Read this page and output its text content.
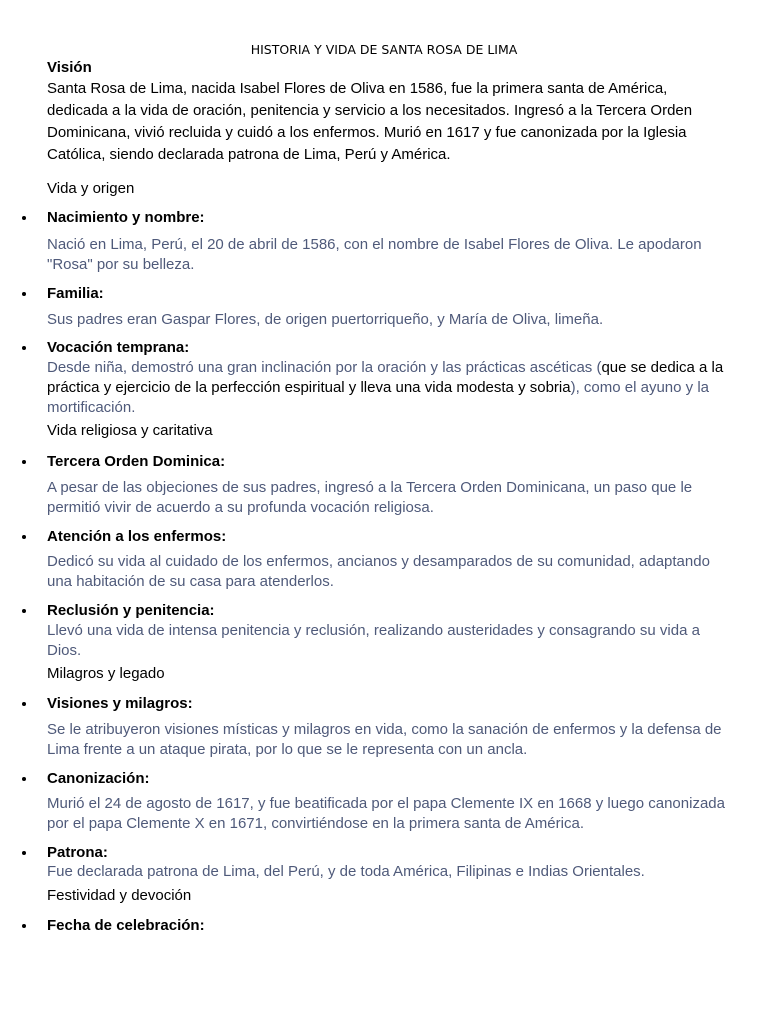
HISTORIA Y VIDA DE SANTA ROSA DE LIMA
Visión
Santa Rosa de Lima, nacida Isabel Flores de Oliva en 1586, fue la primera santa de América, dedicada a la vida de oración, penitencia y servicio a los necesitados. Ingresó a la Tercera Orden Dominicana, vivió recluida y cuidó a los enfermos. Murió en 1617 y fue canonizada por la Iglesia Católica, siendo declarada patrona de Lima, Perú y América.
Vida y origen
Nacimiento y nombre:
Nació en Lima, Perú, el 20 de abril de 1586, con el nombre de Isabel Flores de Oliva. Le apodaron "Rosa" por su belleza.
Familia:
Sus padres eran Gaspar Flores, de origen puertorriqueño, y María de Oliva, limeña.
Vocación temprana:
Desde niña, demostró una gran inclinación por la oración y las prácticas ascéticas (que se dedica a la práctica y ejercicio de la perfección espiritual y lleva una vida modesta y sobria), como el ayuno y la mortificación.
Vida religiosa y caritativa
Tercera Orden Dominica:
A pesar de las objeciones de sus padres, ingresó a la Tercera Orden Dominicana, un paso que le permitió vivir de acuerdo a su profunda vocación religiosa.
Atención a los enfermos:
Dedicó su vida al cuidado de los enfermos, ancianos y desamparados de su comunidad, adaptando una habitación de su casa para atenderlos.
Reclusión y penitencia:
Llevó una vida de intensa penitencia y reclusión, realizando austeridades y consagrando su vida a Dios.
Milagros y legado
Visiones y milagros:
Se le atribuyeron visiones místicas y milagros en vida, como la sanación de enfermos y la defensa de Lima frente a un ataque pirata, por lo que se le representa con un ancla.
Canonización:
Murió el 24 de agosto de 1617, y fue beatificada por el papa Clemente IX en 1668 y luego canonizada por el papa Clemente X en 1671, convirtiéndose en la primera santa de América.
Patrona:
Fue declarada patrona de Lima, del Perú, y de toda América, Filipinas e Indias Orientales.
Festividad y devoción
Fecha de celebración:
